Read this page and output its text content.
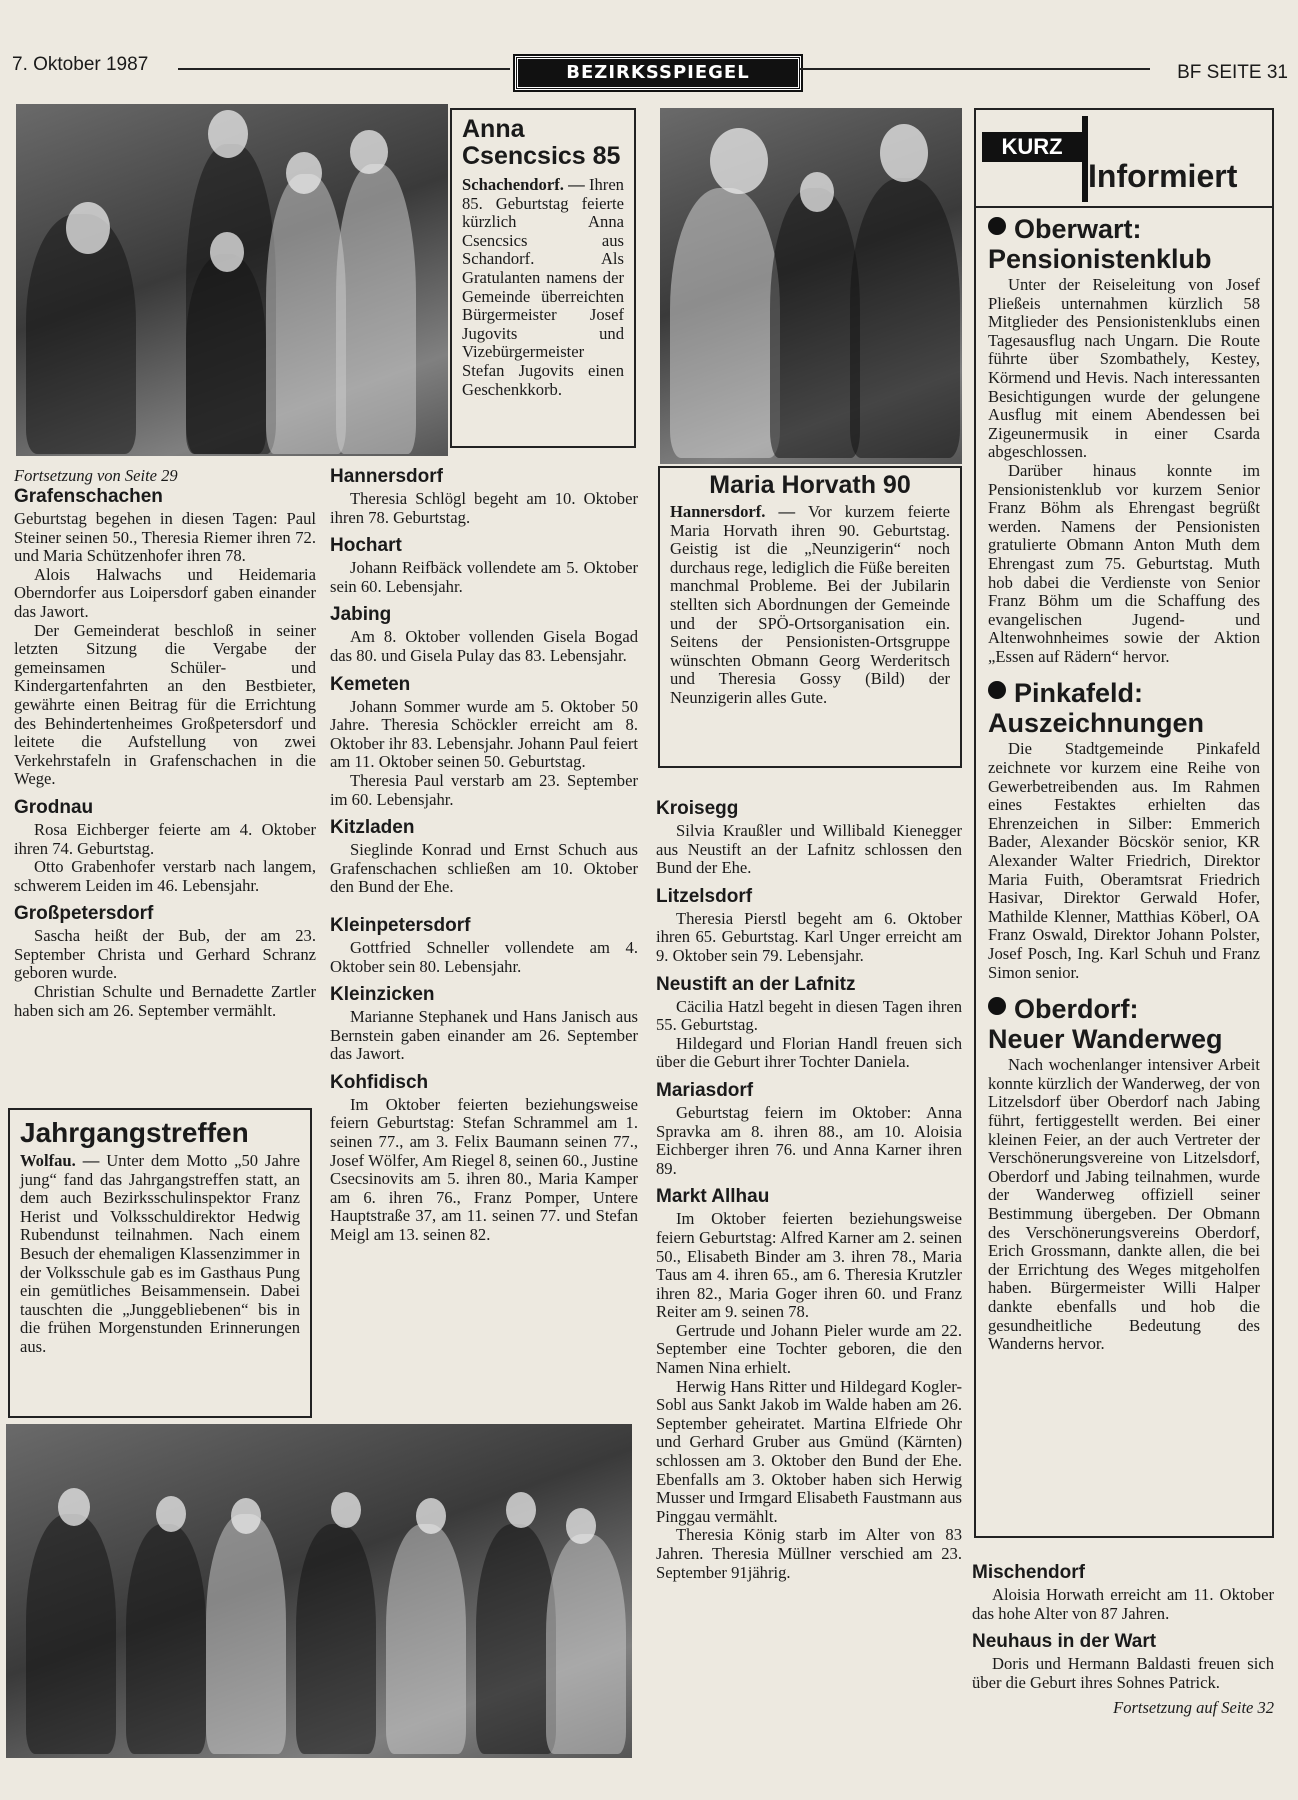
7. Oktober 1987	BEZIRKSSPIEGEL	BF SEITE 31
Anna Csencsics 85

Schachendorf. — Ihren 85. Geburtstag feierte kürzlich Anna Csencsics aus Schandorf. Als Gratulanten namens der Gemeinde überreichten Bürgermeister Josef Jugovits und Vizebürgermeister Stefan Jugovits einen Geschenkkorb.

Maria Horvath 90

Hannersdorf. — Vor kurzem feierte Maria Horvath ihren 90. Geburtstag. Geistig ist die „Neunzigerin“ noch durchaus rege, lediglich die Füße bereiten manchmal Probleme. Bei der Jubilarin stellten sich Abordnungen der Gemeinde und der SPÖ-Ortsorganisation ein. Seitens der Pensionisten-Ortsgruppe wünschten Obmann Georg Werderitsch und Theresia Gossy (Bild) der Neunzigerin alles Gute.

Fortsetzung von Seite 29
Grafenschachen

Geburtstag begehen in diesen Tagen: Paul Steiner seinen 50., Theresia Riemer ihren 72. und Maria Schützenhofer ihren 78.

Alois Halwachs und Heidemaria Oberndorfer aus Loipersdorf gaben einander das Jawort.

Der Gemeinderat beschloß in seiner letzten Sitzung die Vergabe der gemeinsamen Schüler- und Kindergartenfahrten an den Bestbieter, gewährte einen Beitrag für die Errichtung des Behindertenheimes Großpetersdorf und leitete die Aufstellung von zwei Verkehrstafeln in Grafenschachen in die Wege.

Grodnau

Rosa Eichberger feierte am 4. Oktober ihren 74. Geburtstag.

Otto Grabenhofer verstarb nach langem, schwerem Leiden im 46. Lebensjahr.

Großpetersdorf

Sascha heißt der Bub, der am 23. September Christa und Gerhard Schranz geboren wurde.

Christian Schulte und Bernadette Zartler haben sich am 26. September vermählt.

Jahrgangstreffen

Wolfau. — Unter dem Motto „50 Jahre jung“ fand das Jahrgangstreffen statt, an dem auch Bezirksschulinspektor Franz Herist und Volksschuldirektor Hedwig Rubendunst teilnahmen. Nach einem Besuch der ehemaligen Klassenzimmer in der Volksschule gab es im Gasthaus Pung ein gemütliches Beisammensein. Dabei tauschten die „Junggebliebenen“ bis in die frühen Morgenstunden Erinnerungen aus.

Hannersdorf

Theresia Schlögl begeht am 10. Oktober ihren 78. Geburtstag.

Hochart

Johann Reifbäck vollendete am 5. Oktober sein 60. Lebensjahr.

Jabing

Am 8. Oktober vollenden Gisela Bogad das 80. und Gisela Pulay das 83. Lebensjahr.

Kemeten

Johann Sommer wurde am 5. Oktober 50 Jahre. Theresia Schöckler erreicht am 8. Oktober ihr 83. Lebensjahr. Johann Paul feiert am 11. Oktober seinen 50. Geburtstag.

Theresia Paul verstarb am 23. September im 60. Lebensjahr.

Kitzladen

Sieglinde Konrad und Ernst Schuch aus Grafenschachen schließen am 10. Oktober den Bund der Ehe.

Kleinpetersdorf

Gottfried Schneller vollendete am 4. Oktober sein 80. Lebensjahr.

Kleinzicken

Marianne Stephanek und Hans Janisch aus Bernstein gaben einander am 26. September das Jawort.

Kohfidisch

Im Oktober feierten beziehungsweise feiern Geburtstag: Stefan Schrammel am 1. seinen 77., am 3. Felix Baumann seinen 77., Josef Wölfer, Am Riegel 8, seinen 60., Justine Csecsinovits am 5. ihren 80., Maria Kamper am 6. ihren 76., Franz Pomper, Untere Hauptstraße 37, am 11. seinen 77. und Stefan Meigl am 13. seinen 82.

Kroisegg

Silvia Kraußler und Willibald Kienegger aus Neustift an der Lafnitz schlossen den Bund der Ehe.

Litzelsdorf

Theresia Pierstl begeht am 6. Oktober ihren 65. Geburtstag. Karl Unger erreicht am 9. Oktober sein 79. Lebensjahr.

Neustift an der Lafnitz

Cäcilia Hatzl begeht in diesen Tagen ihren 55. Geburtstag.

Hildegard und Florian Handl freuen sich über die Geburt ihrer Tochter Daniela.

Mariasdorf

Geburtstag feiern im Oktober: Anna Spravka am 8. ihren 88., am 10. Aloisia Eichberger ihren 76. und Anna Karner ihren 89.

Markt Allhau

Im Oktober feierten beziehungsweise feiern Geburtstag: Alfred Karner am 2. seinen 50., Elisabeth Binder am 3. ihren 78., Maria Taus am 4. ihren 65., am 6. Theresia Krutzler ihren 82., Maria Goger ihren 60. und Franz Reiter am 9. seinen 78.

Gertrude und Johann Pieler wurde am 22. September eine Tochter geboren, die den Namen Nina erhielt.

Herwig Hans Ritter und Hildegard Kogler-Sobl aus Sankt Jakob im Walde haben am 26. September geheiratet. Martina Elfriede Ohr und Gerhard Gruber aus Gmünd (Kärnten) schlossen am 3. Oktober den Bund der Ehe. Ebenfalls am 3. Oktober haben sich Herwig Musser und Irmgard Elisabeth Faustmann aus Pinggau vermählt.

Theresia König starb im Alter von 83 Jahren. Theresia Müllner verschied am 23. September 91jährig.

KURZ
Informiert
Oberwart:
Pensionistenklub

Unter der Reiseleitung von Josef Pließeis unternahmen kürzlich 58 Mitglieder des Pensionistenklubs einen Tagesausflug nach Ungarn. Die Route führte über Szombathely, Kestey, Körmend und Hevis. Nach interessanten Besichtigungen wurde der gelungene Ausflug mit einem Abendessen bei Zigeunermusik in einer Csarda abgeschlossen.

Darüber hinaus konnte im Pensionistenklub vor kurzem Senior Franz Böhm als Ehrengast begrüßt werden. Namens der Pensionisten gratulierte Obmann Anton Muth dem Ehrengast zum 75. Geburtstag. Muth hob dabei die Verdienste von Senior Franz Böhm um die Schaffung des evangelischen Jugend- und Altenwohnheimes sowie der Aktion „Essen auf Rädern“ hervor.

Pinkafeld:
Auszeichnungen

Die Stadtgemeinde Pinkafeld zeichnete vor kurzem eine Reihe von Gewerbetreibenden aus. Im Rahmen eines Festaktes erhielten das Ehrenzeichen in Silber: Emmerich Bader, Alexander Böcskör senior, KR Alexander Walter Friedrich, Direktor Maria Fuith, Oberamtsrat Friedrich Hasivar, Direktor Gerwald Hofer, Mathilde Klenner, Matthias Köberl, OA Franz Oswald, Direktor Johann Polster, Josef Posch, Ing. Karl Schuh und Franz Simon senior.

Oberdorf:
Neuer Wanderweg

Nach wochenlanger intensiver Arbeit konnte kürzlich der Wanderweg, der von Litzelsdorf über Oberdorf nach Jabing führt, fertiggestellt werden. Bei einer kleinen Feier, an der auch Vertreter der Verschönerungsvereine von Litzelsdorf, Oberdorf und Jabing teilnahmen, wurde der Wanderweg offiziell seiner Bestimmung übergeben. Der Obmann des Verschönerungsvereins Oberdorf, Erich Grossmann, dankte allen, die bei der Errichtung des Weges mitgeholfen haben. Bürgermeister Willi Halper dankte ebenfalls und hob die gesundheitliche Bedeutung des Wanderns hervor.

Mischendorf

Aloisia Horwath erreicht am 11. Oktober das hohe Alter von 87 Jahren.

Neuhaus in der Wart

Doris und Hermann Baldasti freuen sich über die Geburt ihres Sohnes Patrick.

Fortsetzung auf Seite 32
